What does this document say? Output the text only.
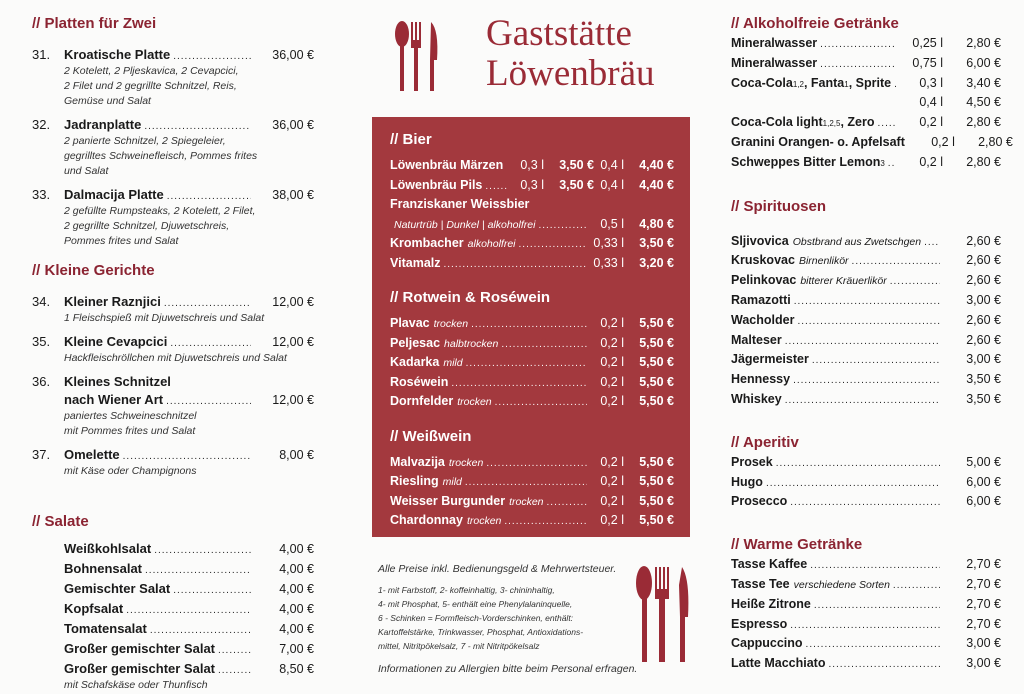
Gaststätte
Löwenbräu
// Platten für Zwei
31.	Kroatische Platte .....	36,00 €
2 Kotelett, 2 Pljeskavica, 2 Cevapcici,
2 Filet und 2 gegrillte Schnitzel, Reis,
Gemüse und Salat
32.	Jadranplatte .....	36,00 €
2 panierte Schnitzel, 2 Spiegeleier,
gegrilltes Schweinefleisch, Pommes frites
und Salat
33.	Dalmacija Platte .....	38,00 €
2 gefüllte Rumpsteaks, 2 Kotelett, 2 Filet,
2 gegrillte Schnitzel, Djuwetschreis,
Pommes frites und Salat
// Kleine Gerichte
34.	Kleiner Raznjici .....	12,00 €
1 Fleischspieß mit Djuwetschreis und Salat
35.	Kleine Cevapcici .....	12,00 €
Hackfleischröllchen mit Djuwetschreis und Salat
36.	Kleines Schnitzel
nach Wiener Art .....	12,00 €
paniertes Schweineschnitzel
mit Pommes frites und Salat
37.	Omelette .....	8,00 €
mit Käse oder Champignons
// Salate
Weißkohlsalat .....	4,00 €
Bohnensalat .....	4,00 €
Gemischter Salat .....	4,00 €
Kopfsalat .....	4,00 €
Tomatensalat .....	4,00 €
Großer gemischter Salat .....	7,00 €
Großer gemischter Salat .....	8,50 €
mit Schafskäse oder Thunfisch
// Bier
Löwenbräu Märzen .....	0,3 l	3,50 € 0,4 l	4,40 €
Löwenbräu Pils .....	0,3 l	3,50 € 0,4 l	4,40 €
Franziskaner Weissbier
Naturtrüb | Dunkel | alkoholfrei .....	0,5 l	4,80 €
Krombacher alkoholfrei .....	0,33 l	3,50 €
Vitamalz .....	0,33 l	3,20 €
// Rotwein & Roséwein
Plavac trocken .....	0,2 l	5,50 €
Peljesac halbtrocken .....	0,2 l	5,50 €
Kadarka mild .....	0,2 l	5,50 €
Roséwein .....	0,2 l	5,50 €
Dornfelder trocken .....	0,2 l	5,50 €
// Weißwein
Malvazija trocken .....	0,2 l	5,50 €
Riesling mild .....	0,2 l	5,50 €
Weisser Burgunder trocken .....	0,2 l	5,50 €
Chardonnay trocken .....	0,2 l	5,50 €
Alle Preise inkl. Bedienungsgeld & Mehrwertsteuer.
1- mit Farbstoff, 2- koffeinhaltig, 3- chininhaltig,
4- mit Phosphat, 5- enthält eine Phenylalaninquelle,
6 - Schinken = Formfleisch-Vorderschinken, enthält:
Kartoffelstärke, Trinkwasser, Phosphat, Antioxidations-
mittel, Nitritpökelsalz, 7 - mit Nitritpökelsalz
Informationen zu Allergien bitte beim Personal erfragen.
// Alkoholfreie Getränke
Mineralwasser .....	0,25 l	2,80 €
Mineralwasser .....	0,75 l	6,00 €
Coca-Cola 1,2 , Fanta 1 , Sprite .....	0,3 l	3,40 €
0,4 l	4,50 €
Coca-Cola light 1,2,5 , Zero .....	0,2 l	2,80 €
Granini Orangen- o. Apfelsaft	0,2 l	2,80 €
Schweppes Bitter Lemon 3 .....	0,2 l	2,80 €
// Spirituosen
Sljivovica Obstbrand aus Zwetschgen .....	2,60 €
Kruskovac Birnenlikör .....	2,60 €
Pelinkovac bitterer Kräuerlikör .....	2,60 €
Ramazotti .....	3,00 €
Wacholder .....	2,60 €
Malteser .....	2,60 €
Jägermeister .....	3,00 €
Hennessy .....	3,50 €
Whiskey .....	3,50 €
// Aperitiv
Prosek .....	5,00 €
Hugo .....	6,00 €
Prosecco .....	6,00 €
// Warme Getränke
Tasse Kaffee .....	2,70 €
Tasse Tee verschiedene Sorten .....	2,70 €
Heiße Zitrone .....	2,70 €
Espresso .....	2,70 €
Cappuccino .....	3,00 €
Latte Macchiato .....	3,00 €
